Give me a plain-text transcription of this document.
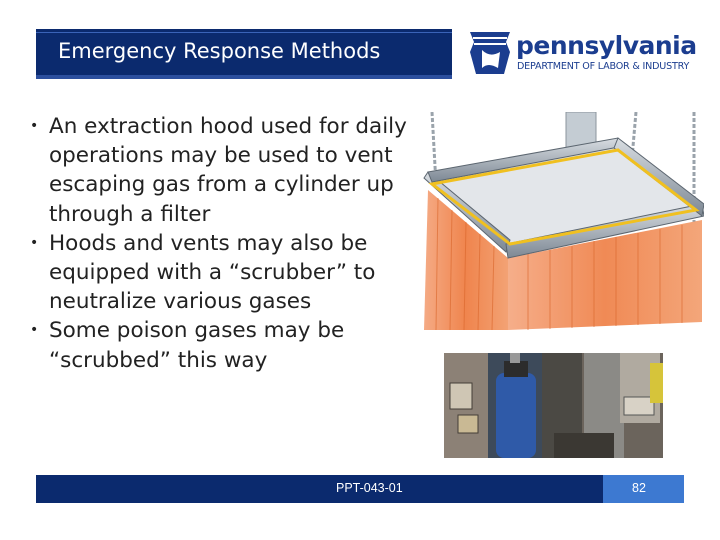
Emergency Response Methods	pennsylvania
DEPARTMENT OF LABOR & INDUSTRY
• An extraction hood used for daily operations may be used to vent escaping gas from a cylinder up through a filter
• Hoods and vents may also be equipped with a “scrubber” to neutralize various gases
• Some poison gases may be “scrubbed” this way
PPT-043-01	82
